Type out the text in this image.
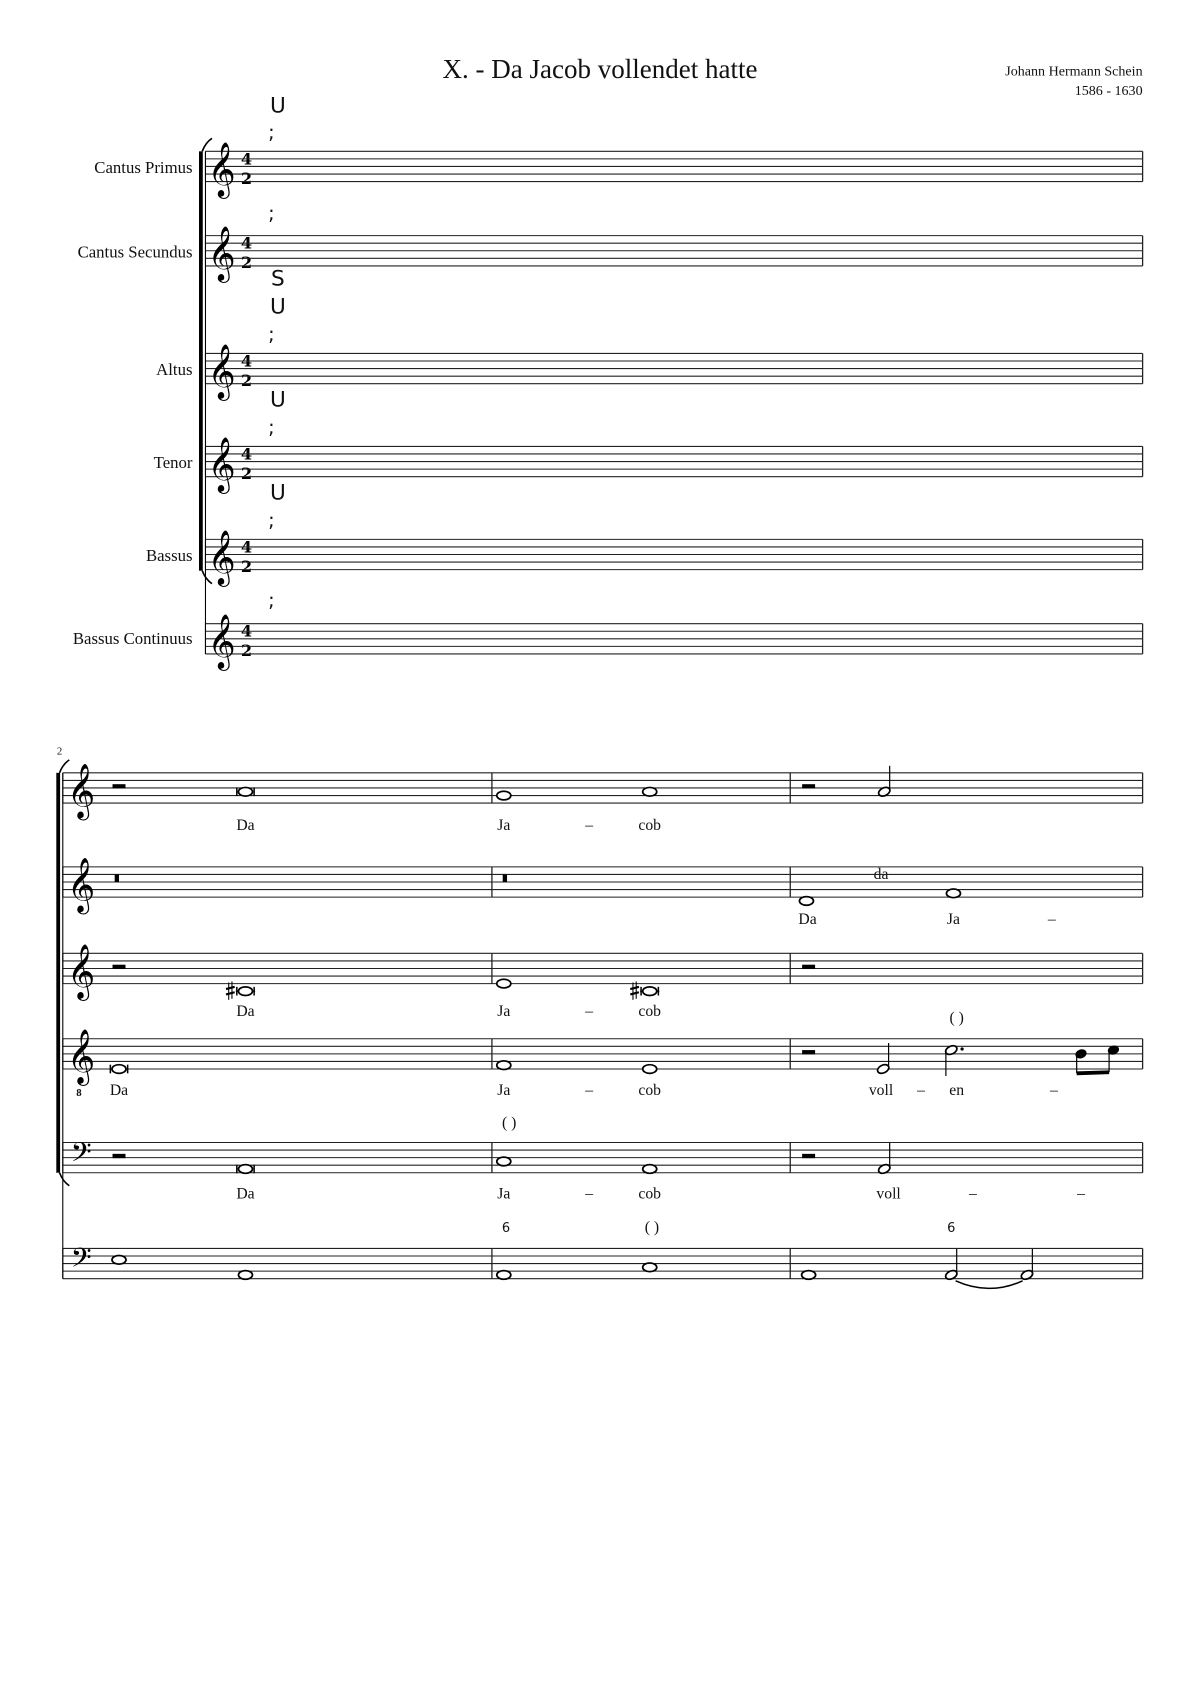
X. - Da Jacob vollendet hatte	Johann Hermann Schein
1586 - 1630
Cantus Primus
Cantus Secundus
Altus
Tenor
Bassus
Bassus Continuus
U
;
;
S
U
;
U
;
U
;
;
4
2
4
2
4
2
4
2
4
2
4
2
2
8
Da	Ja	–	cob
da
Da	Ja	–
Da	Ja	–	cob	( )
Da	Ja	–	cob	voll – en	–
( )
Da	Ja	–	cob	voll	–	–
6	( )	6
𝄞
𝄞
𝄞
𝄞
𝄞
𝄞
𝄞
𝄞
𝄞
𝄞
𝄢
𝄢
